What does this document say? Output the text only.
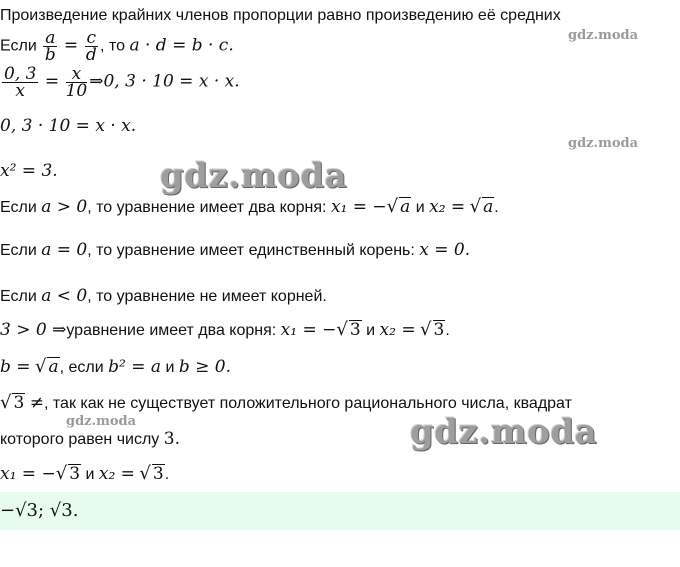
Произведение крайних членов пропорции равно произведению её средних
Если $\frac{a}{b} = \frac{c}{d}$ , то a · d = b · c.
$\frac{0, 3}{x} = \frac{x}{10}$ ⇒0, 3 · 10 = x · x.
0, 3 · 10 = x · x.
x² = 3.
Если a > 0, то уравнение имеет два корня: x₁ = −√ a и x₂ = √ a.
Если a = 0, то уравнение имеет единственный корень: x = 0.
Если a < 0, то уравнение не имеет корней.
3 > 0 ⇒уравнение имеет два корня: x₁ = −√ 3 и x₂ = √ 3.
b = √ a, если b² = a и b ≥ 0.
√ 3 ≠, так как не существует положительного рационального числа, квадрат
которого равен числу 3.
x₁ = −√ 3 и x₂ = √ 3.
−√3; √3.
gdz.moda
gdz.moda
gdz.moda
gdz.moda	gdz.moda
